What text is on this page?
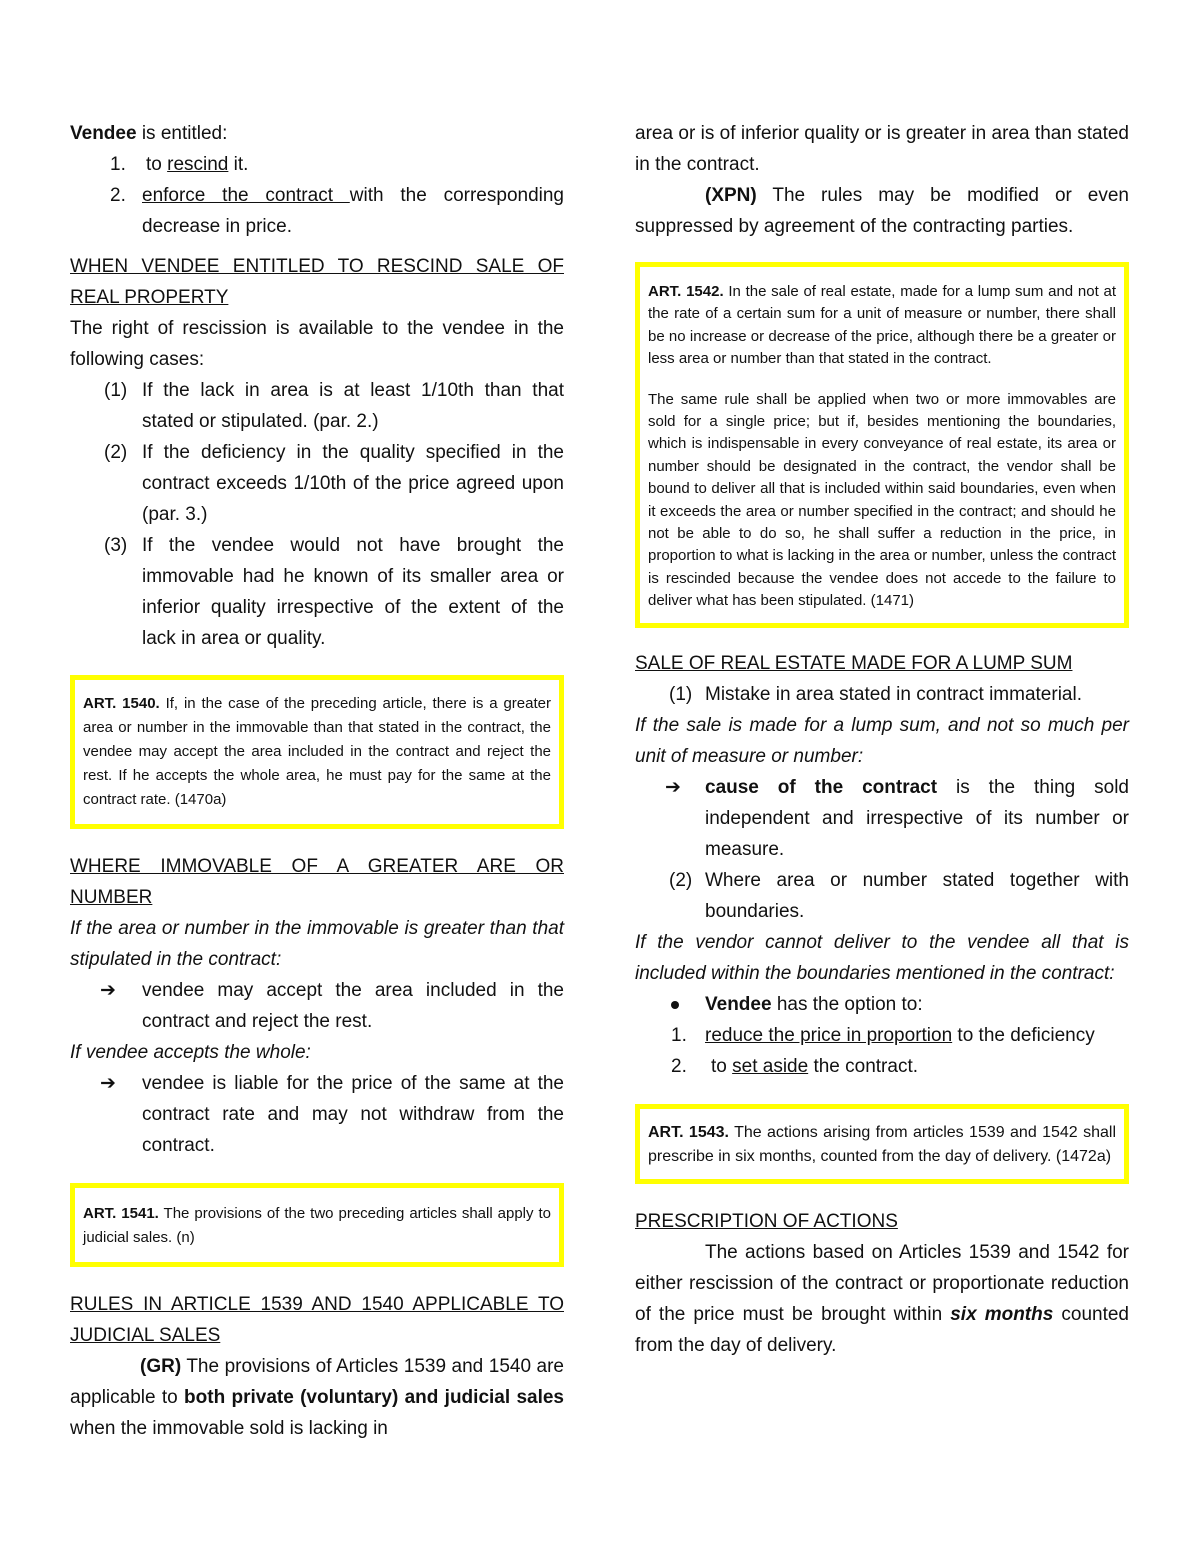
Vendee is entitled:

1.	to rescind it.
2. enforce the contract with the corresponding decrease in price.

WHEN VENDEE ENTITLED TO RESCIND SALE OF REAL PROPERTY

The right of rescission is available to the vendee in the following cases:

(1) If the lack in area is at least 1/10th than that stated or stipulated. (par. 2.)
(2) If the deficiency in the quality specified in the contract exceeds 1/10th of the price agreed upon (par. 3.)
(3) If the vendee would not have brought the immovable had he known of its smaller area or inferior quality irrespective of the extent of the lack in area or quality.

ART. 1540. If, in the case of the preceding article, there is a greater area or number in the immovable than that stated in the contract, the vendee may accept the area included in the contract and reject the rest. If he accepts the whole area, he must pay for the same at the contract rate. (1470a)

WHERE IMMOVABLE OF A GREATER ARE OR NUMBER

If the area or number in the immovable is greater than that stipulated in the contract:

➔	vendee may accept the area included in the contract and reject the rest.

If vendee accepts the whole:

➔	vendee is liable for the price of the same at the contract rate and may not withdraw from the contract.

ART. 1541. The provisions of the two preceding articles shall apply to judicial sales. (n)

RULES IN ARTICLE 1539 AND 1540 APPLICABLE TO JUDICIAL SALES

(GR) The provisions of Articles 1539 and 1540 are applicable to both private (voluntary) and judicial sales when the immovable sold is lacking in

area or is of inferior quality or is greater in area than stated in the contract.

(XPN) The rules may be modified or even suppressed by agreement of the contracting parties.

ART. 1542. In the sale of real estate, made for a lump sum and not at the rate of a certain sum for a unit of measure or number, there shall be no increase or decrease of the price, although there be a greater or less area or number than that stated in the contract.

The same rule shall be applied when two or more immovables are sold for a single price; but if, besides mentioning the boundaries, which is indispensable in every conveyance of real estate, its area or number should be designated in the contract, the vendor shall be bound to deliver all that is included within said boundaries, even when it exceeds the area or number specified in the contract; and should he not be able to do so, he shall suffer a reduction in the price, in proportion to what is lacking in the area or number, unless the contract is rescinded because the vendee does not accede to the failure to deliver what has been stipulated. (1471)

SALE OF REAL ESTATE MADE FOR A LUMP SUM

(1) Mistake in area stated in contract immaterial.

If the sale is made for a lump sum, and not so much per unit of measure or number:

➔	cause of the contract is the thing sold independent and irrespective of its number or measure.
(2) Where area or number stated together with boundaries.

If the vendor cannot deliver to the vendee all that is included within the boundaries mentioned in the contract:

Vendee has the option to:
1. reduce the price in proportion to the deficiency
2.	to set aside the contract.

ART. 1543. The actions arising from articles 1539 and 1542 shall prescribe in six months, counted from the day of delivery. (1472a)

PRESCRIPTION OF ACTIONS

The actions based on Articles 1539 and 1542 for either rescission of the contract or proportionate reduction of the price must be brought within six months counted from the day of delivery.
